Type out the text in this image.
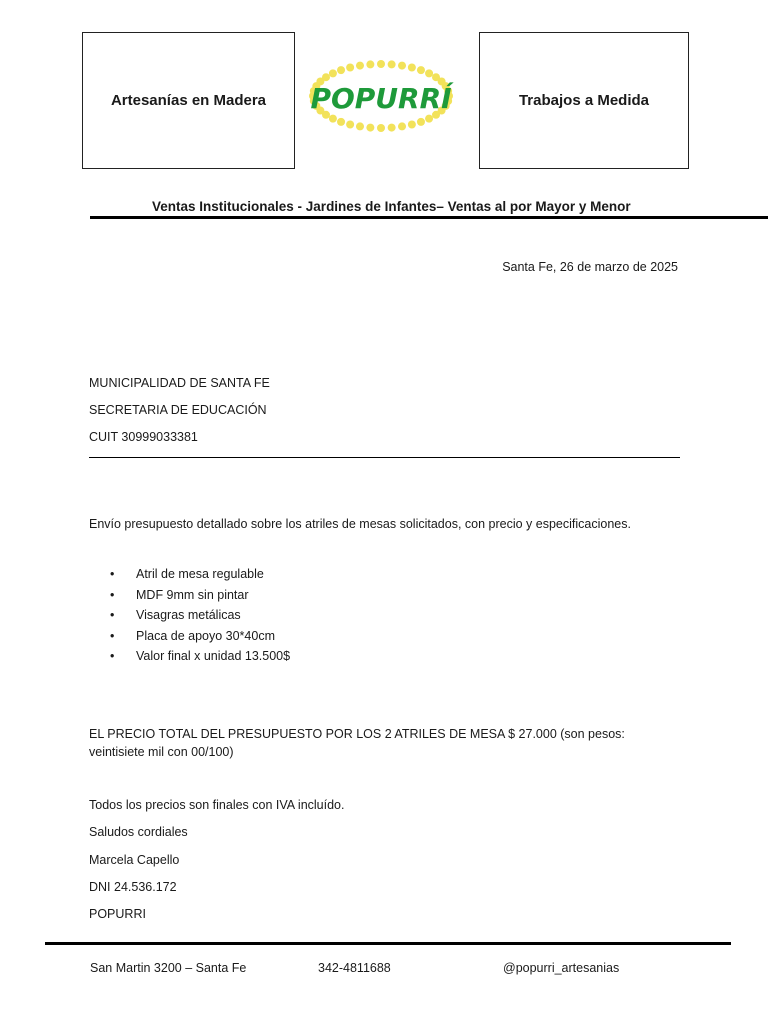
Artesanías en Madera POPURRÍ	Trabajos a Medida
Ventas Institucionales - Jardines de Infantes– Ventas al por Mayor y Menor
Santa Fe, 26 de marzo de 2025
MUNICIPALIDAD DE SANTA FE
SECRETARIA DE EDUCACIÓN
CUIT 30999033381
Envío presupuesto detallado sobre los atriles de mesas solicitados, con precio y especificaciones.
• Atril de mesa regulable
• MDF 9mm sin pintar
• Visagras metálicas
• Placa de apoyo 30*40cm
• Valor final x unidad 13.500$
EL PRECIO TOTAL DEL PRESUPUESTO POR LOS 2 ATRILES DE MESA $ 27.000 (son pesos: veintisiete mil con 00/100)
Todos los precios son finales con IVA incluído.
Saludos cordiales
Marcela Capello
DNI 24.536.172
POPURRI
San Martin 3200 – Santa Fe	342-4811688	@popurri_artesanias
